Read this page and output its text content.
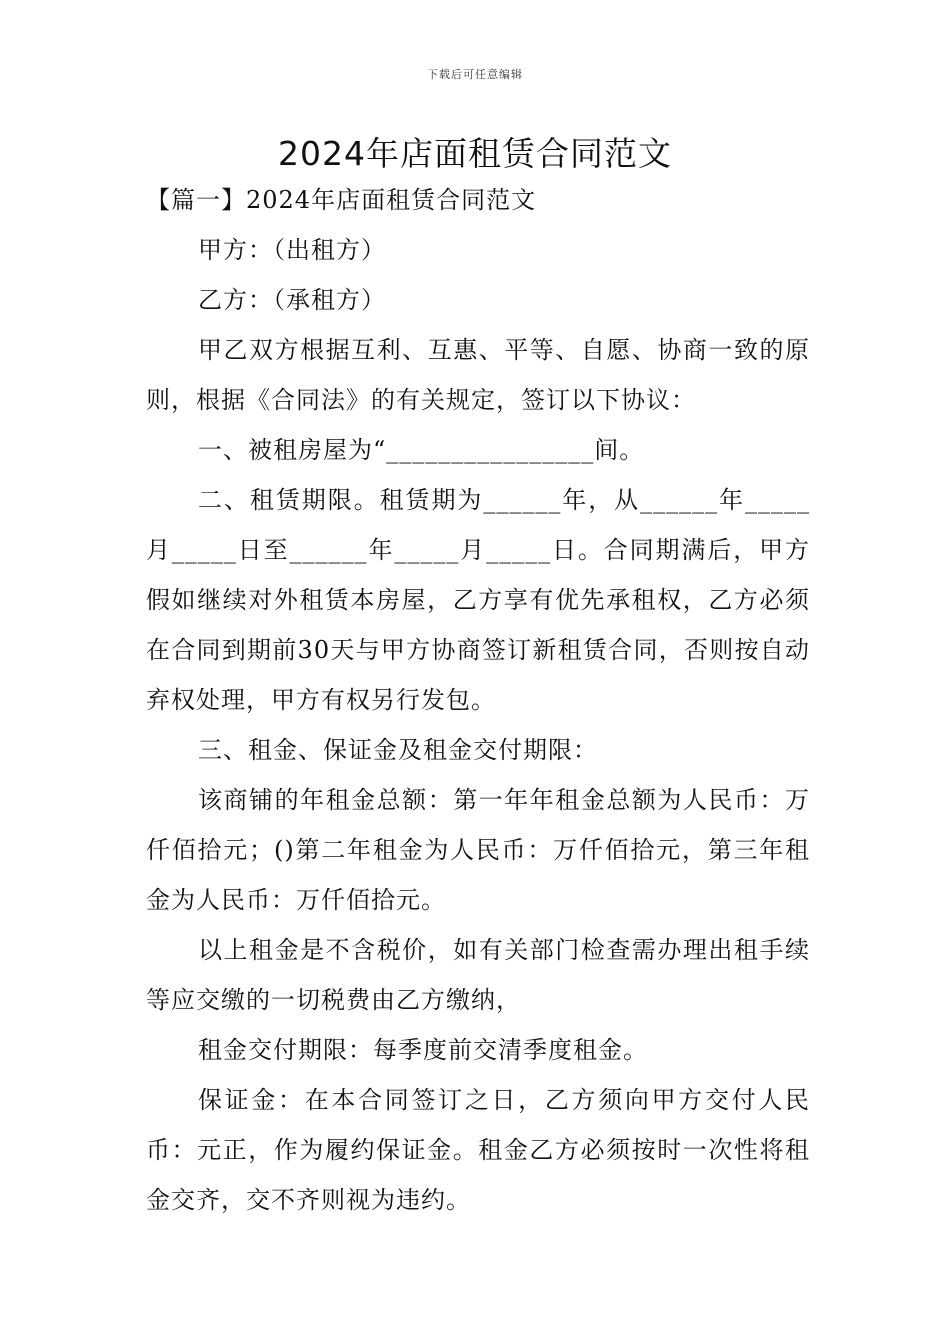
下载后可任意编辑
2024年店面租赁合同范文

【篇一】2024年店面租赁合同范文

甲方：（出租方）

乙方：（承租方）

甲乙双方根据互利、互惠、平等、自愿、协商一致的原则，根据《合同法》的有关规定，签订以下协议：

一、被租房屋为“________________间。

二、租赁期限。租赁期为______年，从______年_____月_____日至______年_____月_____日。合同期满后，甲方假如继续对外租赁本房屋，乙方享有优先承租权，乙方必须在合同到期前30天与甲方协商签订新租赁合同，否则按自动弃权处理，甲方有权另行发包。

三、租金、保证金及租金交付期限：

该商铺的年租金总额：第一年年租金总额为人民币：万仟佰拾元；()第二年租金为人民币：万仟佰拾元，第三年租金为人民币：万仟佰拾元。

以上租金是不含税价，如有关部门检查需办理出租手续等应交缴的一切税费由乙方缴纳，

租金交付期限：每季度前交清季度租金。

保证金：在本合同签订之日，乙方须向甲方交付人民币：元正，作为履约保证金。租金乙方必须按时一次性将租金交齐，交不齐则视为违约。
